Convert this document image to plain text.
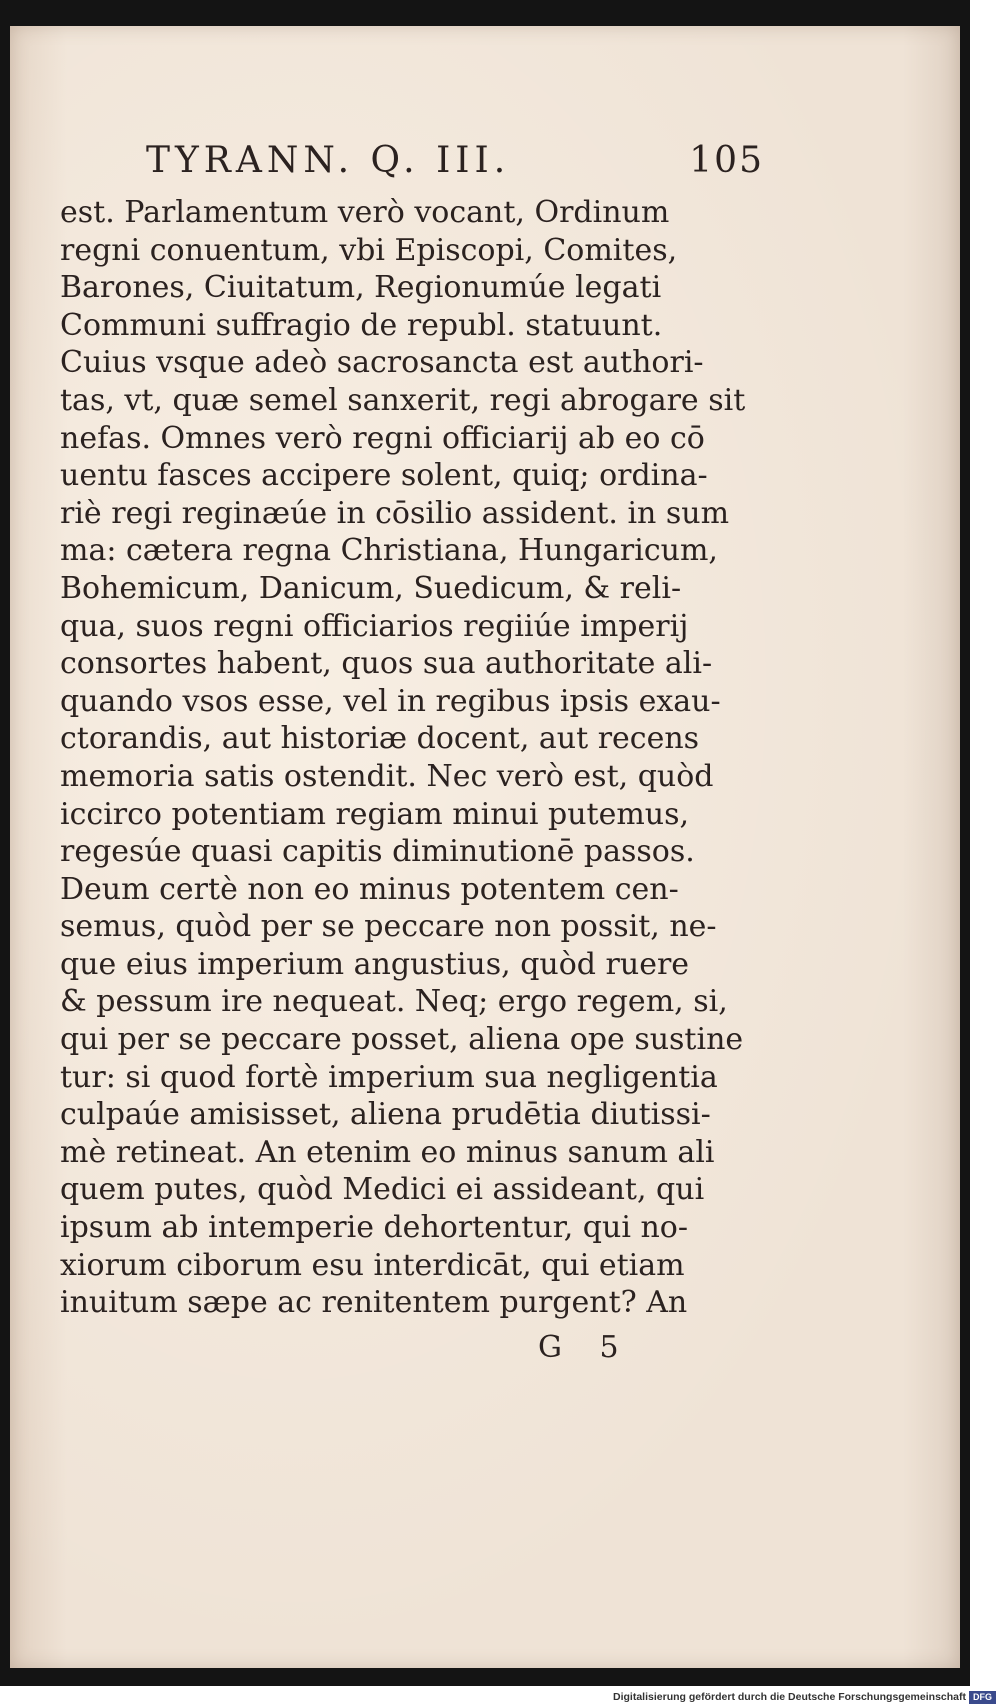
TYRANN. Q. III.	105
est. Parlamentum verò vocant, Ordinum
regni conuentum, vbi Episcopi, Comites,
Barones, Ciuitatum, Regionumúe legati
Communi suffragio de republ. statuunt.
Cuius vsque adeò sacrosancta est authori-
tas, vt, quæ semel sanxerit, regi abrogare sit
nefas. Omnes verò regni officiarij ab eo cō
uentu fasces accipere solent, quiq; ordina-
riè regi reginæúe in cōsilio assident. in sum
ma: cætera regna Christiana, Hungaricum,
Bohemicum, Danicum, Suedicum, & reli-
qua, suos regni officiarios regiiúe imperij
consortes habent, quos sua authoritate ali-
quando vsos esse, vel in regibus ipsis exau-
ctorandis, aut historiæ docent, aut recens
memoria satis ostendit. Nec verò est, quòd
iccirco potentiam regiam minui putemus,
regesúe quasi capitis diminutionē passos.
Deum certè non eo minus potentem cen-
semus, quòd per se peccare non possit, ne-
que eius imperium angustius, quòd ruere
& pessum ire nequeat. Neq; ergo regem, si,
qui per se peccare posset, aliena ope sustine
tur: si quod fortè imperium sua negligentia
culpaúe amisisset, aliena prudētia diutissi-
mè retineat. An etenim eo minus sanum ali
quem putes, quòd Medici ei assideant, qui
ipsum ab intemperie dehortentur, qui no-
xiorum ciborum esu interdicāt, qui etiam
inuitum sæpe ac renitentem purgent? An
G 5
Digitalisierung gefördert durch die Deutsche Forschungsgemeinschaft DFG
